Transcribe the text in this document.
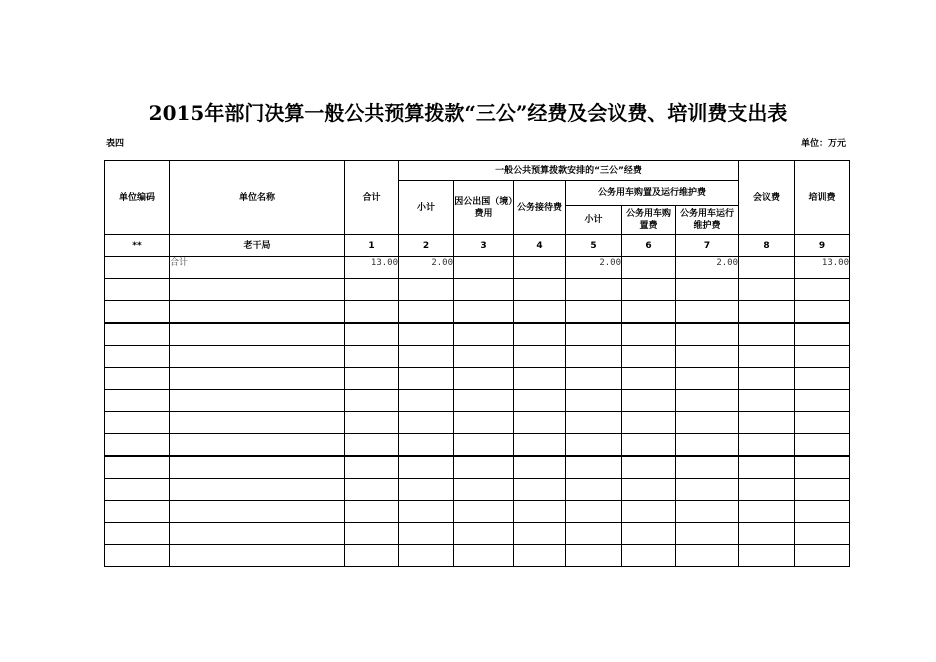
2015年部门决算一般公共预算拨款“三公”经费及会议费、培训费支出表
表四	单位：万元
单位编码	单位名称	合计	一般公共预算拨款安排的“三公”经费						会议费	培训费
			小计	因公出国（境）费用	公务接待费	公务用车购置及运行维护费				
						小计	公务用车购置费	公务用车运行维护费		
**	老干局	1	2	3	4	5	6	7	8	9
	合计	13.00	2.00			2.00		2.00		13.00
